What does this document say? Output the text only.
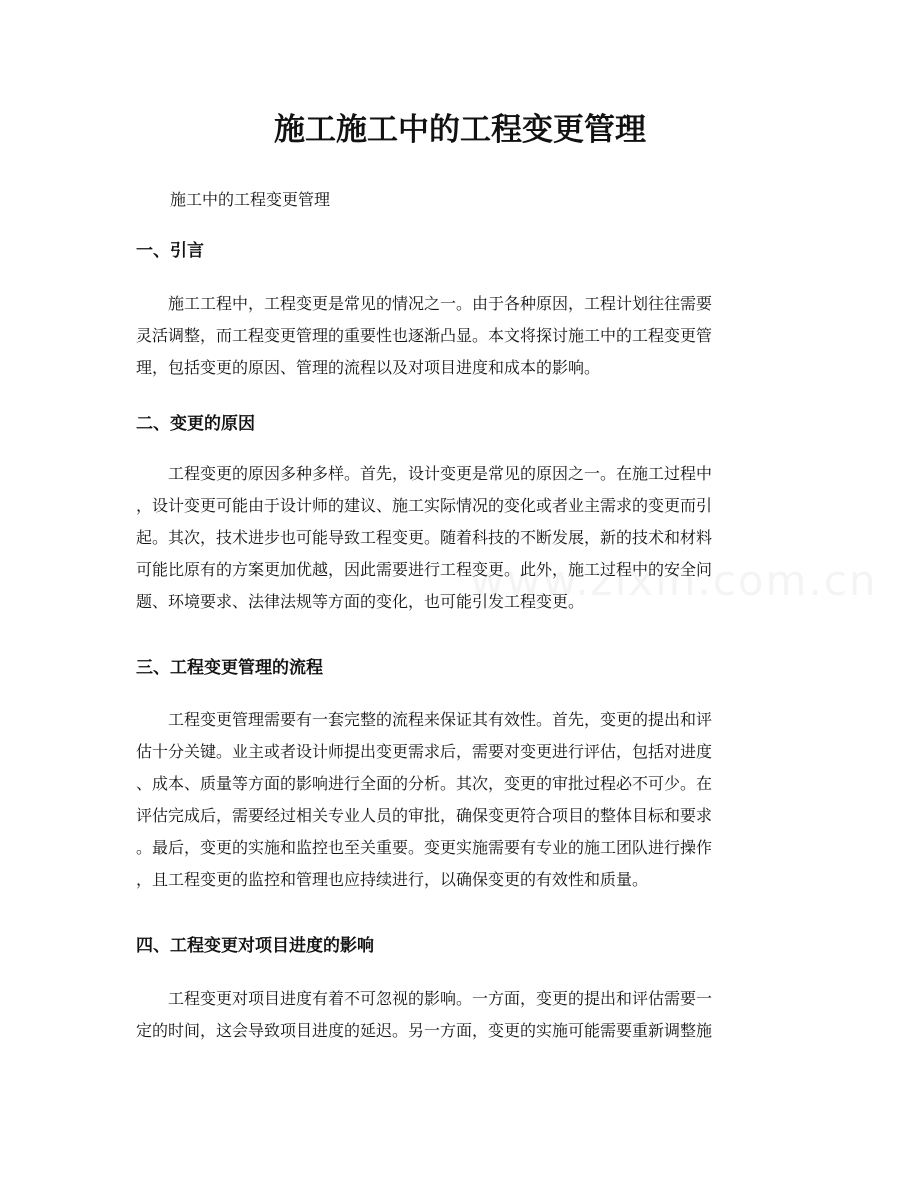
施工施工中的工程变更管理

施工中的工程变更管理

一、引言
　　施工工程中，工程变更是常见的情况之一。由于各种原因，工程计划往往需要
灵活调整，而工程变更管理的重要性也逐渐凸显。本文将探讨施工中的工程变更管
理，包括变更的原因、管理的流程以及对项目进度和成本的影响。
二、变更的原因
　　工程变更的原因多种多样。首先，设计变更是常见的原因之一。在施工过程中
，设计变更可能由于设计师的建议、施工实际情况的变化或者业主需求的变更而引
起。其次，技术进步也可能导致工程变更。随着科技的不断发展，新的技术和材料
可能比原有的方案更加优越，因此需要进行工程变更。此外，施工过程中的安全问
题、环境要求、法律法规等方面的变化，也可能引发工程变更。
三、工程变更管理的流程
　　工程变更管理需要有一套完整的流程来保证其有效性。首先，变更的提出和评
估十分关键。业主或者设计师提出变更需求后，需要对变更进行评估，包括对进度
、成本、质量等方面的影响进行全面的分析。其次，变更的审批过程必不可少。在
评估完成后，需要经过相关专业人员的审批，确保变更符合项目的整体目标和要求
。最后，变更的实施和监控也至关重要。变更实施需要有专业的施工团队进行操作
，且工程变更的监控和管理也应持续进行，以确保变更的有效性和质量。
四、工程变更对项目进度的影响
　　工程变更对项目进度有着不可忽视的影响。一方面，变更的提出和评估需要一
定的时间，这会导致项目进度的延迟。另一方面，变更的实施可能需要重新调整施
